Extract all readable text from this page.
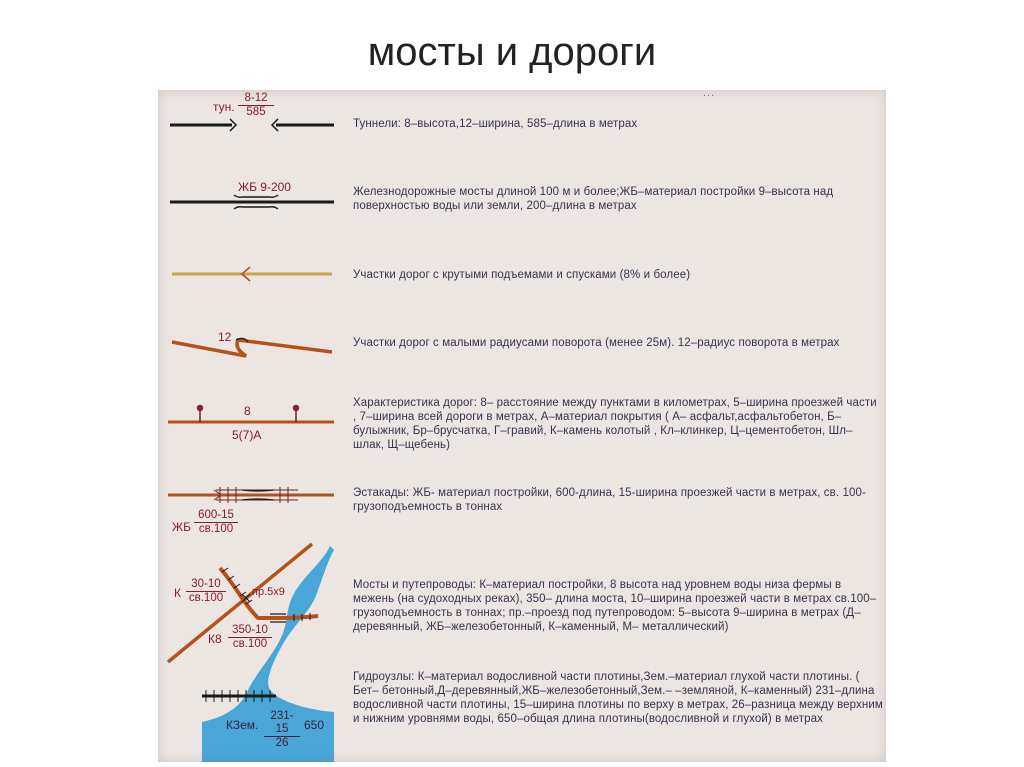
мосты и дороги
...
тун. $\frac{8-12}{585}$
ЖБ 9-200
12
8
5(7)А
ЖБ
600-15
св.100
К
30-10
св.100	пр.5х9
К8
350-10
св.100
КЗем. $\frac{231-15}{26} 650$
Туннели: 8–высота,12–ширина, 585–длина в метрах
Железнодорожные мосты длиной 100 м и более;ЖБ–материал постройки 9–высота над поверхностью воды или земли, 200–длина в метрах
Участки дорог с крутыми подъемами и спусками (8% и более)
Участки дорог с малыми радиусами поворота (менее 25м). 12–радиус поворота в метрах
Характеристика дорог: 8– расстояние между пунктами в километрах, 5–ширина проезжей части , 7–ширина всей дороги в метрах, А–материал покрытия ( А– асфальт,асфальтобетон, Б–булыжник, Бр–брусчатка, Г–гравий, К–камень колотый , Кл–клинкер, Ц–цементобетон, Шл–шлак, Щ–щебень)
Эстакады: ЖБ- материал постройки, 600-длина, 15-ширина проезжей части в метрах, св. 100-грузоподъемность в тоннах
Мосты и путепроводы: К–материал постройки, 8 высота над уровнем воды низа фермы в межень (на судоходных реках), 350– длина моста, 10–ширина проезжей части в метрах св.100–грузоподъемность в тоннах; пр.–проезд под путепроводом: 5–высота 9–ширина в метрах (Д–деревянный, ЖБ–железобетонный, К–каменный, М– металлический)
Гидроузлы: К–материал водосливной части плотины,Зем.–материал глухой части плотины. ( Бет– бетонный,Д–деревянный,ЖБ–железобетонный,Зем.– –земляной, К–каменный) 231–длина водосливной части плотины, 15–ширина плотины по верху в метрах, 26–разница между верхним и нижним уровнями воды, 650–общая длина плотины(водосливной и глухой) в метрах
